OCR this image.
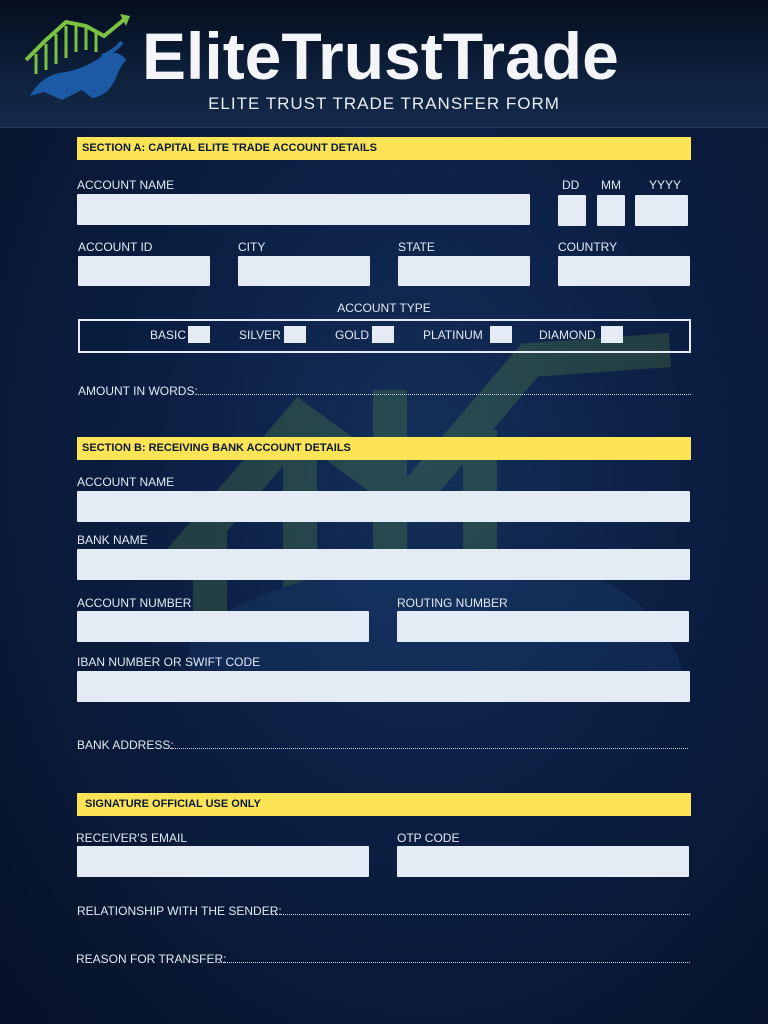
EliteTrustTrade
ELITE TRUST TRADE TRANSFER FORM
SECTION A: CAPITAL ELITE TRADE ACCOUNT DETAILS
ACCOUNT NAME	DD MM YYYY
ACCOUNT ID	CITY	STATE	COUNTRY
ACCOUNT TYPE
BASIC	SILVER	GOLD	PLATINUM	DIAMOND
AMOUNT IN WORDS:
SECTION B: RECEIVING BANK ACCOUNT DETAILS
ACCOUNT NAME
BANK NAME
ACCOUNT NUMBER	ROUTING NUMBER
IBAN NUMBER OR SWIFT CODE
BANK ADDRESS:
SIGNATURE OFFICIAL USE ONLY
RECEIVER'S EMAIL	OTP CODE
RELATIONSHIP WITH THE SENDER:
REASON FOR TRANSFER:
